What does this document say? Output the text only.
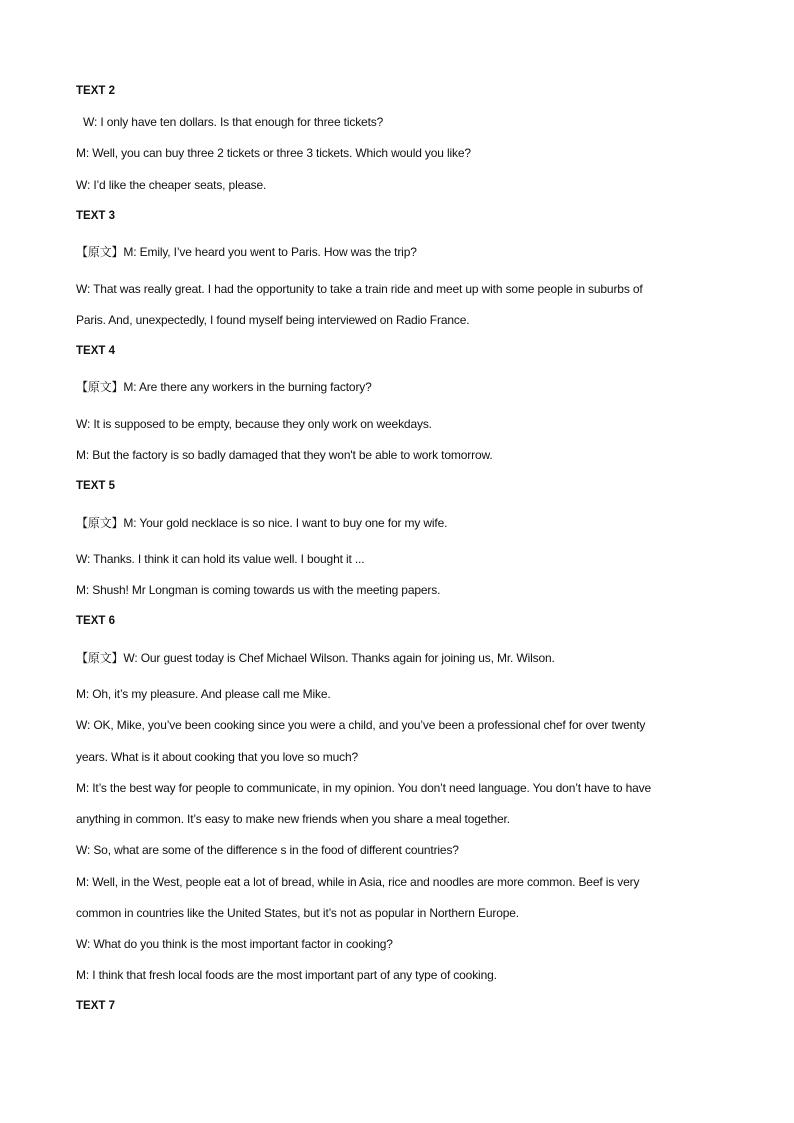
TEXT 2
W: I only have ten dollars. Is that enough for three tickets?
M: Well, you can buy three 2 tickets or three 3 tickets. Which would you like?
W: I’d like the cheaper seats, please.
TEXT 3
【原文】M: Emily, I’ve heard you went to Paris. How was the trip?
W: That was really great. I had the opportunity to take a train ride and meet up with some people in suburbs of
Paris. And, unexpectedly, I found myself being interviewed on Radio France.
TEXT 4
【原文】M: Are there any workers in the burning factory?
W: It is supposed to be empty, because they only work on weekdays.
M: But the factory is so badly damaged that they won't be able to work tomorrow.
TEXT 5
【原文】M: Your gold necklace is so nice. I want to buy one for my wife.
W: Thanks. I think it can hold its value well. I bought it ...
M: Shush! Mr Longman is coming towards us with the meeting papers.
TEXT 6
【原文】W: Our guest today is Chef Michael Wilson. Thanks again for joining us, Mr. Wilson.
M: Oh, it’s my pleasure. And please call me Mike.
W: OK, Mike, you’ve been cooking since you were a child, and you’ve been a professional chef for over twenty
years. What is it about cooking that you love so much?
M: It’s the best way for people to communicate, in my opinion. You don’t need language. You don’t have to have
anything in common. It’s easy to make new friends when you share a meal together.
W: So, what are some of the difference s in the food of different countries?
M: Well, in the West, people eat a lot of bread, while in Asia, rice and noodles are more common. Beef is very
common in countries like the United States, but it’s not as popular in Northern Europe.
W: What do you think is the most important factor in cooking?
M: I think that fresh local foods are the most important part of any type of cooking.
TEXT 7
